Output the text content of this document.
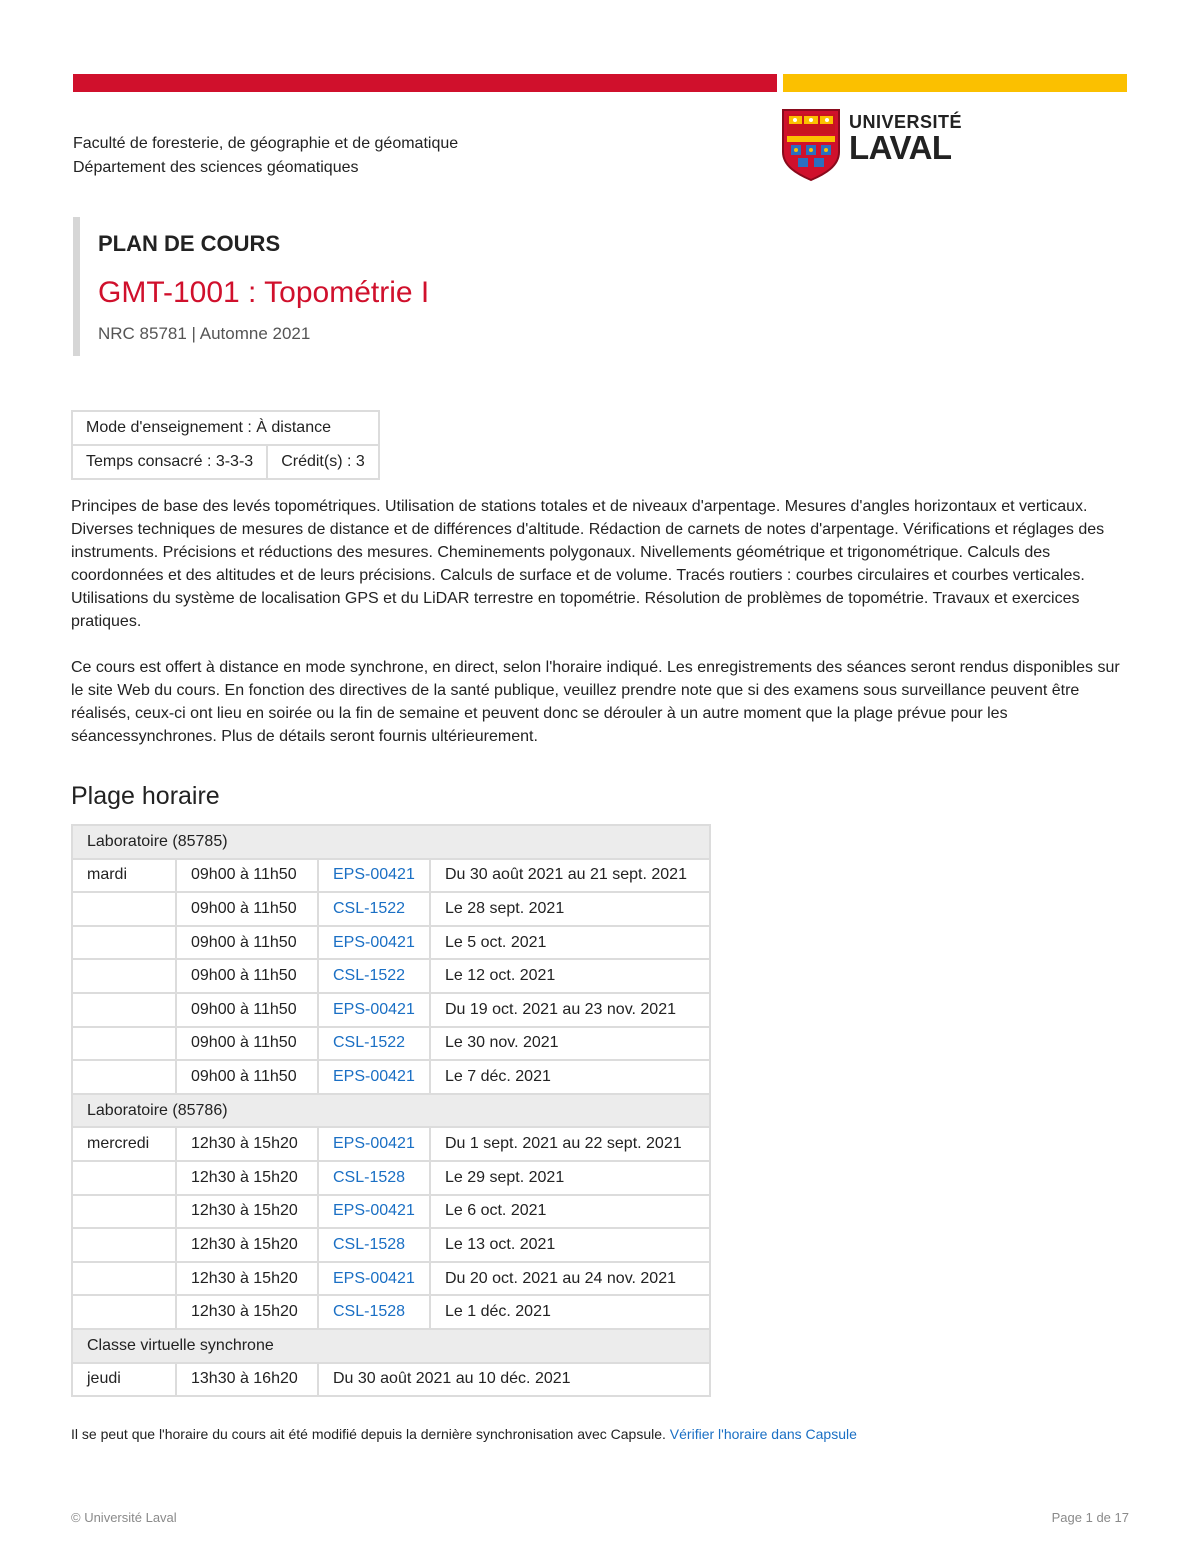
Faculté de foresterie, de géographie et de géomatique
Département des sciences géomatiques
UNIVERSITÉ
LAVAL
PLAN DE COURS
GMT-1001 : Topométrie I
NRC 85781 | Automne 2021
Mode d'enseignement : À distance
Temps consacré : 3-3-3	Crédit(s) : 3

Principes de base des levés topométriques. Utilisation de stations totales et de niveaux d'arpentage. Mesures d'angles horizontaux et verticaux. Diverses techniques de mesures de distance et de différences d'altitude. Rédaction de carnets de notes d'arpentage. Vérifications et réglages des instruments. Précisions et réductions des mesures. Cheminements polygonaux. Nivellements géométrique et trigonométrique. Calculs des coordonnées et des altitudes et de leurs précisions. Calculs de surface et de volume. Tracés routiers : courbes circulaires et courbes verticales. Utilisations du système de localisation GPS et du LiDAR terrestre en topométrie. Résolution de problèmes de topométrie. Travaux et exercices pratiques.

Ce cours est offert à distance en mode synchrone, en direct, selon l'horaire indiqué. Les enregistrements des séances seront rendus disponibles sur le site Web du cours. En fonction des directives de la santé publique, veuillez prendre note que si des examens sous surveillance peuvent être réalisés, ceux-ci ont lieu en soirée ou la fin de semaine et peuvent donc se dérouler à un autre moment que la plage prévue pour les séancessynchrones. Plus de détails seront fournis ultérieurement.

Plage horaire
Laboratoire (85785)			
mardi	09h00 à 11h50	EPS-00421	Du 30 août 2021 au 21 sept. 2021
	09h00 à 11h50	CSL-1522	Le 28 sept. 2021
	09h00 à 11h50	EPS-00421	Le 5 oct. 2021
	09h00 à 11h50	CSL-1522	Le 12 oct. 2021
	09h00 à 11h50	EPS-00421	Du 19 oct. 2021 au 23 nov. 2021
	09h00 à 11h50	CSL-1522	Le 30 nov. 2021
	09h00 à 11h50	EPS-00421	Le 7 déc. 2021
Laboratoire (85786)			
mercredi	12h30 à 15h20	EPS-00421	Du 1 sept. 2021 au 22 sept. 2021
	12h30 à 15h20	CSL-1528	Le 29 sept. 2021
	12h30 à 15h20	EPS-00421	Le 6 oct. 2021
	12h30 à 15h20	CSL-1528	Le 13 oct. 2021
	12h30 à 15h20	EPS-00421	Du 20 oct. 2021 au 24 nov. 2021
	12h30 à 15h20	CSL-1528	Le 1 déc. 2021
Classe virtuelle synchrone			
jeudi	13h30 à 16h20	Du 30 août 2021 au 10 déc. 2021	
Il se peut que l'horaire du cours ait été modifié depuis la dernière synchronisation avec Capsule. Vérifier l'horaire dans Capsule
© Université Laval	Page 1 de 17
